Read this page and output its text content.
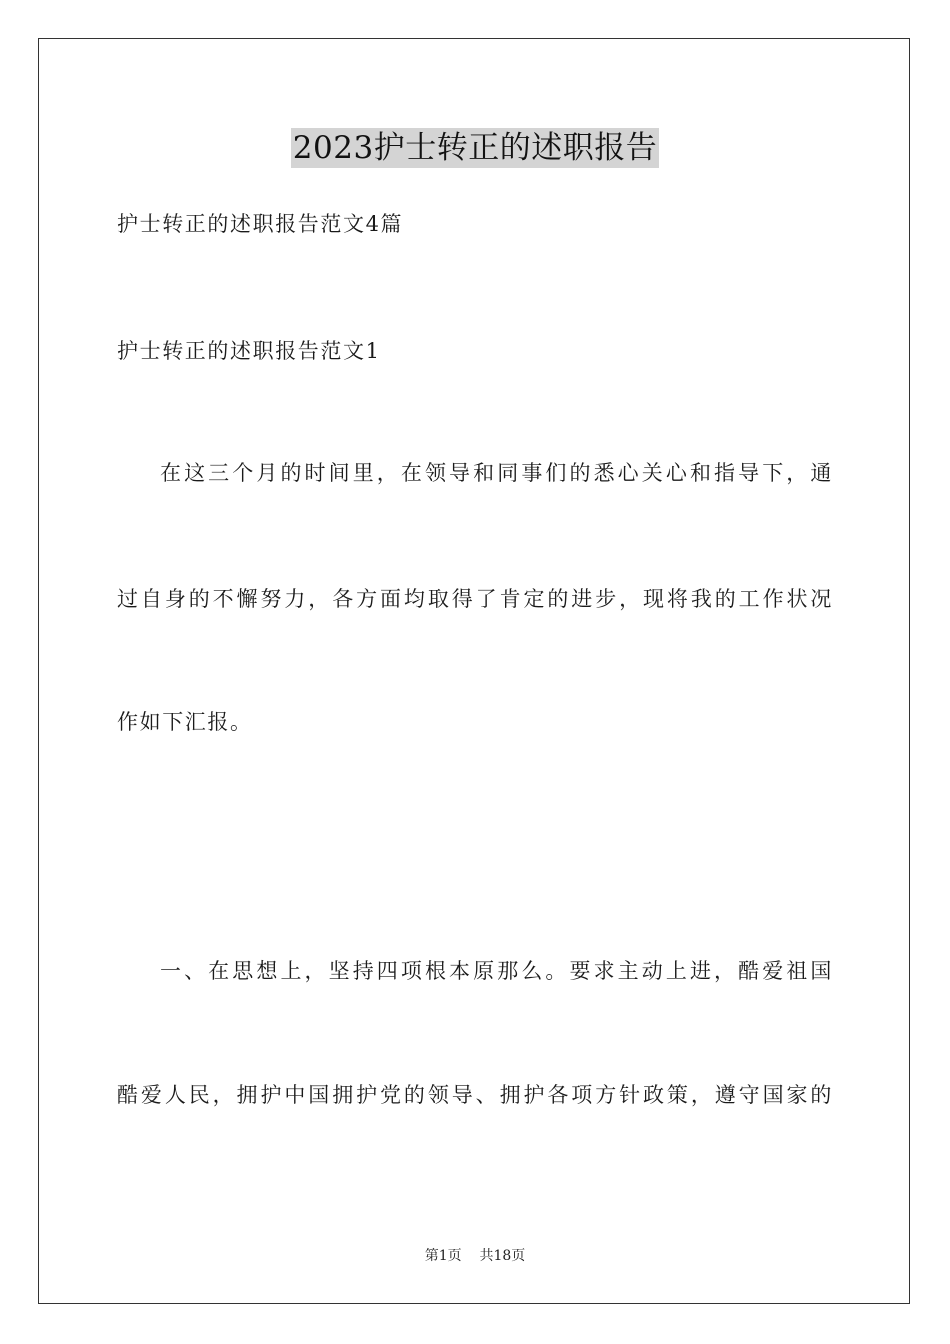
2023护士转正的述职报告
护士转正的述职报告范文4篇
护士转正的述职报告范文1
在这三个月的时间里，在领导和同事们的悉心关心和指导下，通
过自身的不懈努力，各方面均取得了肯定的进步，现将我的工作状况
作如下汇报。
一、在思想上，坚持四项根本原那么。要求主动上进，酷爱祖国
酷爱人民，拥护中国拥护党的领导、拥护各项方针政策，遵守国家的
第1页 共18页
